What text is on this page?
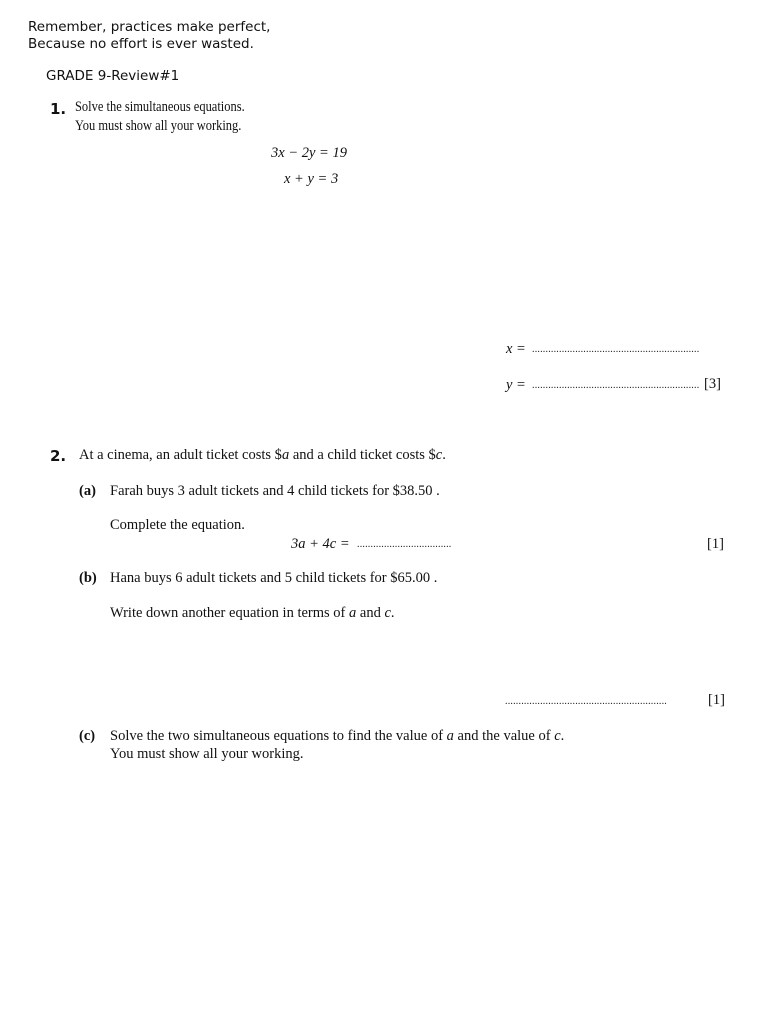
Remember, practices make perfect,
Because no effort is ever wasted.
GRADE 9-Review#1
1. Solve the simultaneous equations.
You must show all your working.
3x − 2y = 19
x + y = 3
x = ..............................................................
y = .............................................................. [3]
2. At a cinema, an adult ticket costs $a and a child ticket costs $c.
(a) Farah buys 3 adult tickets and 4 child tickets for $38.50 .
Complete the equation.
3a + 4c = ...................................	[1]
(b) Hana buys 6 adult tickets and 5 child tickets for $65.00 .
Write down another equation in terms of a and c.
............................................................	[1]
(c) Solve the two simultaneous equations to find the value of a and the value of c.
You must show all your working.
